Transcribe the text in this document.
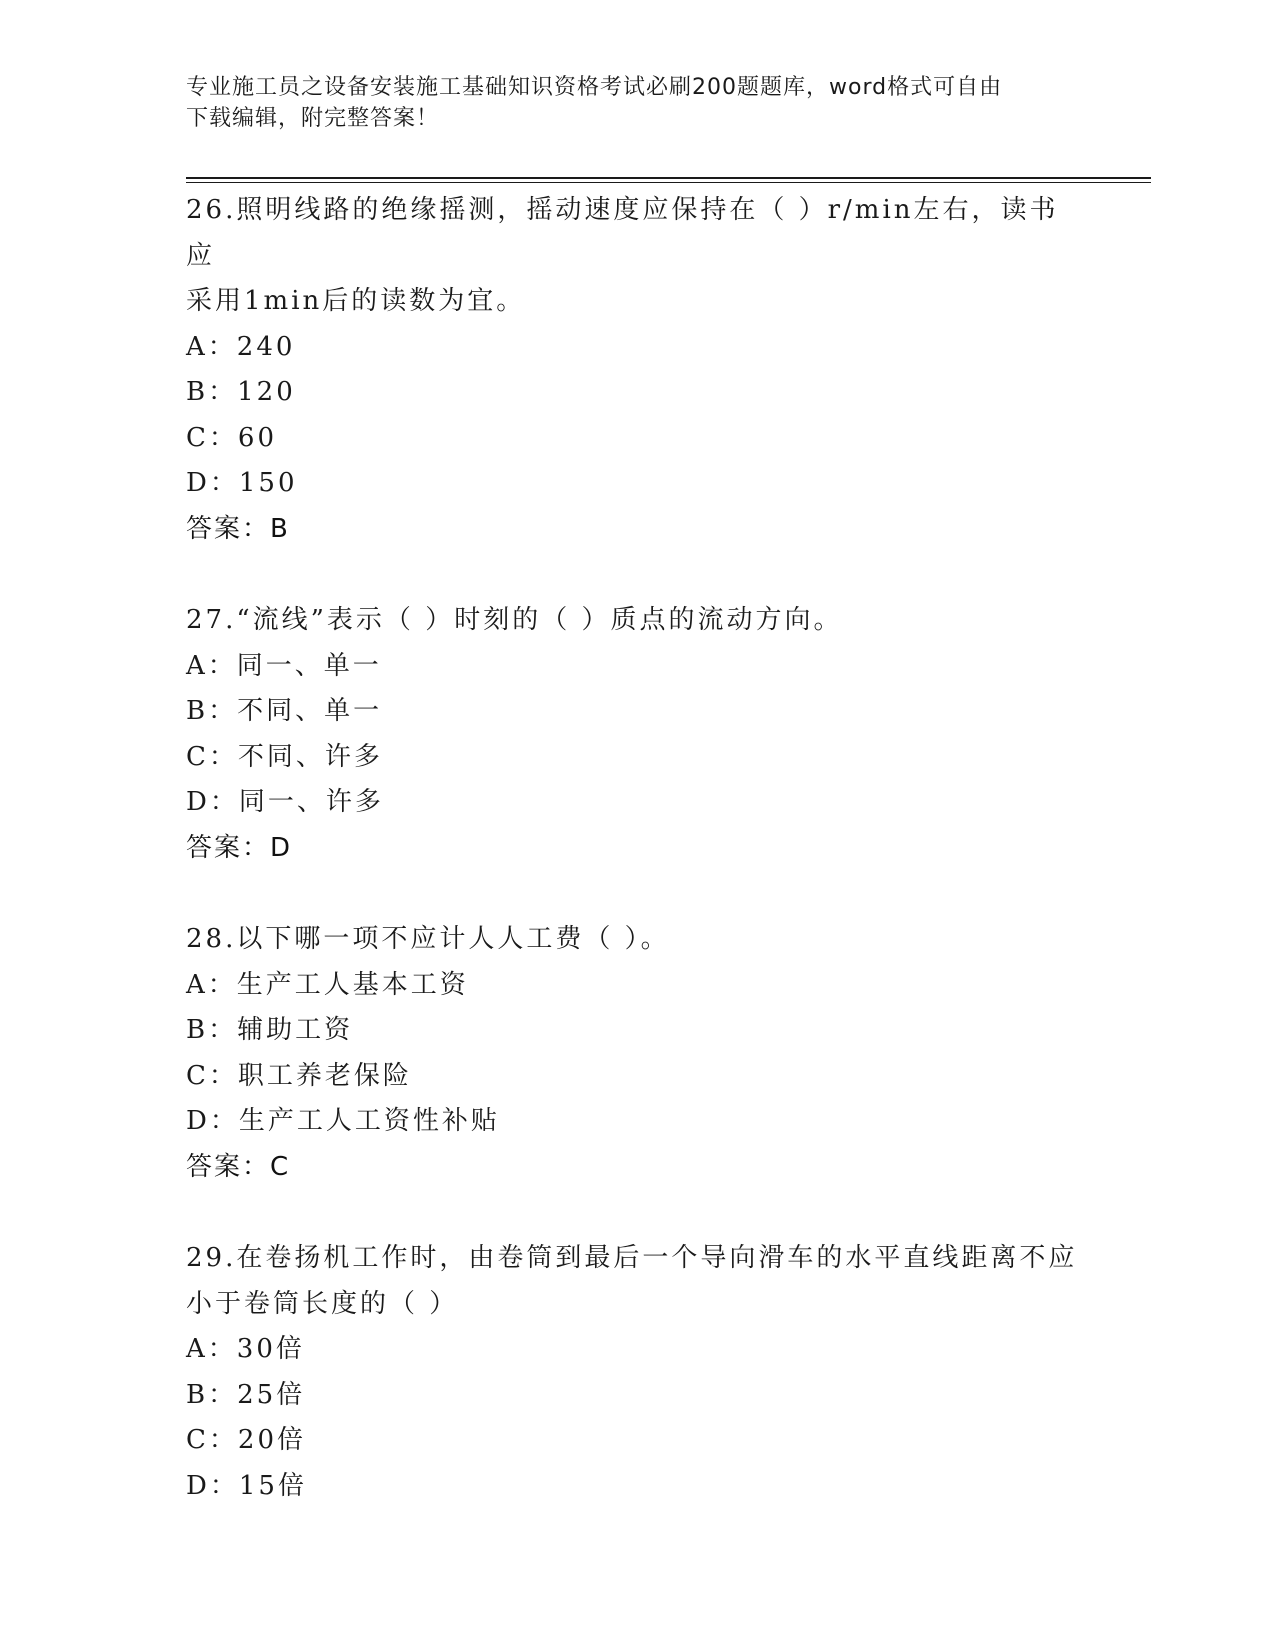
专业施工员之设备安装施工基础知识资格考试必刷200题题库，word格式可自由
下载编辑，附完整答案！

26.照明线路的绝缘摇测，摇动速度应保持在（ ）r/min左右，读书应

采用1min后的读数为宜。

A：240

B：120

C：60

D：150

答案：B

27.“流线”表示（ ）时刻的（ ）质点的流动方向。

A：同一、单一

B：不同、单一

C：不同、许多

D：同一、许多

答案：D

28.以下哪一项不应计人人工费（ ）。

A：生产工人基本工资

B：辅助工资

C：职工养老保险

D：生产工人工资性补贴

答案：C

29.在卷扬机工作时，由卷筒到最后一个导向滑车的水平直线距离不应

小于卷筒长度的（ ）

A：30倍

B：25倍

C：20倍

D：15倍
